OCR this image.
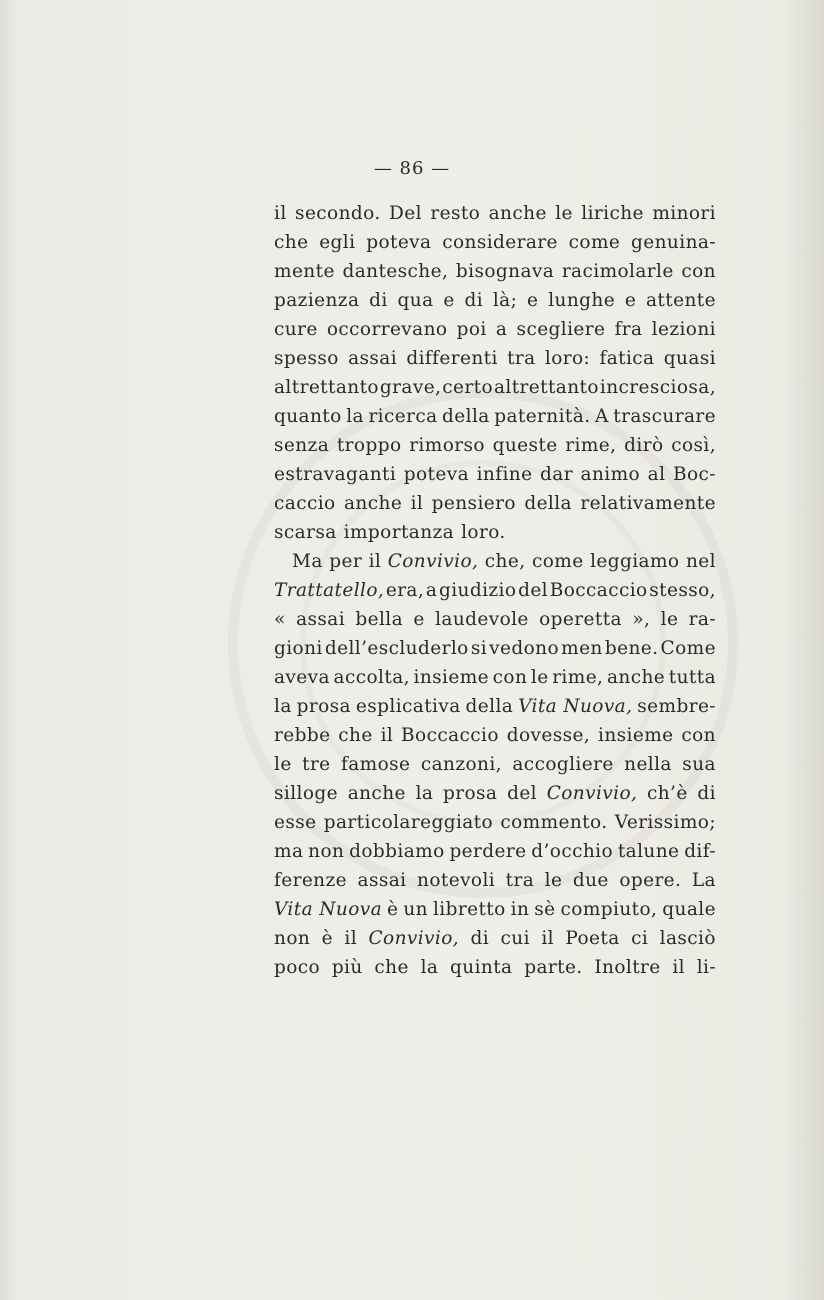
— 86 —
il secondo. Del resto anche le liriche minori
che egli poteva considerare come genuina-
mente dantesche, bisognava racimolarle con
pazienza di qua e di là; e lunghe e attente
cure occorrevano poi a scegliere fra lezioni
spesso assai differenti tra loro: fatica quasi
altrettanto grave, certo altrettanto incresciosa,
quanto la ricerca della paternità. A trascurare
senza troppo rimorso queste rime, dirò così,
estravaganti poteva infine dar animo al Boc-
caccio anche il pensiero della relativamente
scarsa importanza loro.
Ma per il Convivio, che, come leggiamo nel
Trattatello, era, a giudizio del Boccaccio stesso,
« assai bella e laudevole operetta », le ra-
gioni dell’escluderlo si vedono men bene. Come
aveva accolta, insieme con le rime, anche tutta
la prosa esplicativa della Vita Nuova, sembre-
rebbe che il Boccaccio dovesse, insieme con
le tre famose canzoni, accogliere nella sua
silloge anche la prosa del Convivio, ch’è di
esse particolareggiato commento. Verissimo;
ma non dobbiamo perdere d’occhio talune dif-
ferenze assai notevoli tra le due opere. La
Vita Nuova è un libretto in sè compiuto, quale
non è il Convivio, di cui il Poeta ci lasciò
poco più che la quinta parte. Inoltre il li-
